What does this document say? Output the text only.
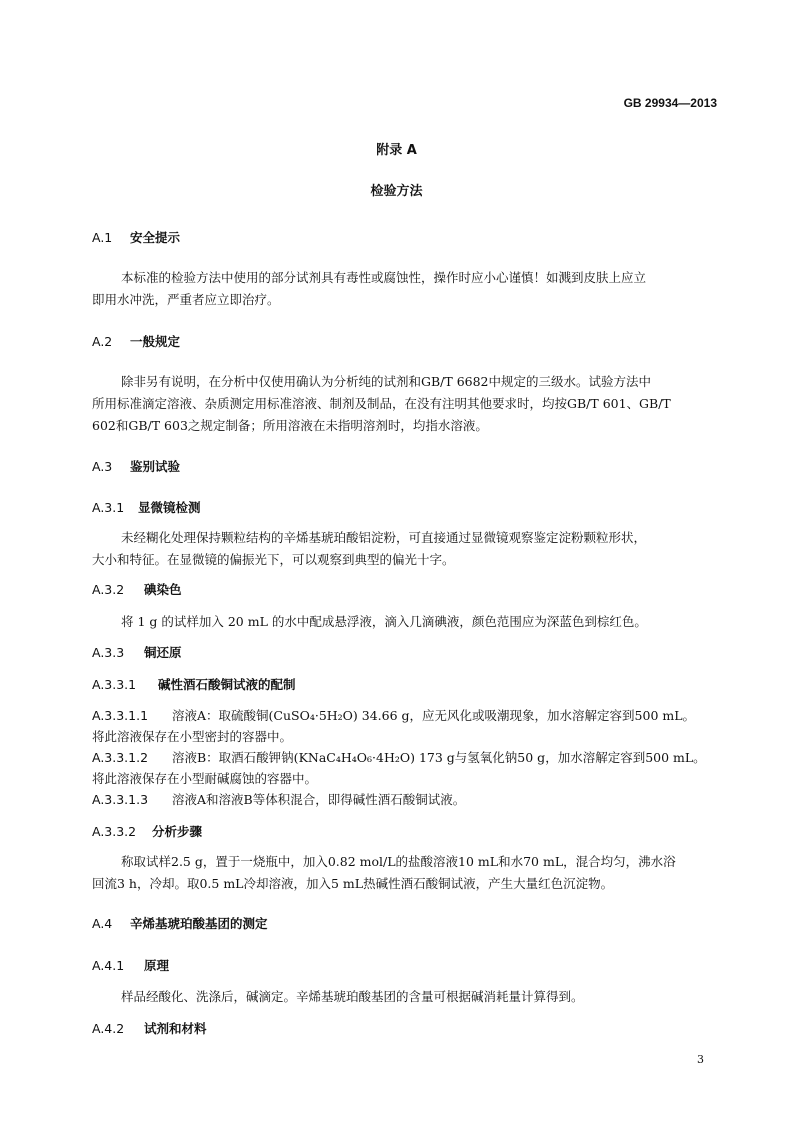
GB 29934—2013
附录 A
检验方法
A.1 安全提示
本标准的检验方法中使用的部分试剂具有毒性或腐蚀性，操作时应小心谨慎！如溅到皮肤上应立
即用水冲洗，严重者应立即治疗。
A.2 一般规定
除非另有说明，在分析中仅使用确认为分析纯的试剂和GB/T 6682中规定的三级水。试验方法中
所用标准滴定溶液、杂质测定用标准溶液、制剂及制品，在没有注明其他要求时，均按GB/T 601、GB/T
602和GB/T 603之规定制备；所用溶液在未指明溶剂时，均指水溶液。
A.3 鉴别试验
A.3.1 显微镜检测
未经糊化处理保持颗粒结构的辛烯基琥珀酸铝淀粉，可直接通过显微镜观察鉴定淀粉颗粒形状，
大小和特征。在显微镜的偏振光下，可以观察到典型的偏光十字。
A.3.2 碘染色
将 1 g 的试样加入 20 mL 的水中配成悬浮液，滴入几滴碘液，颜色范围应为深蓝色到棕红色。
A.3.3 铜还原
A.3.3.1 碱性酒石酸铜试液的配制
A.3.3.1.1 溶液A：取硫酸铜(CuSO₄·5H₂O) 34.66 g，应无风化或吸潮现象，加水溶解定容到500 mL。
将此溶液保存在小型密封的容器中。
A.3.3.1.2 溶液B：取酒石酸钾钠(KNaC₄H₄O₆·4H₂O) 173 g与氢氧化钠50 g，加水溶解定容到500 mL。
将此溶液保存在小型耐碱腐蚀的容器中。
A.3.3.1.3 溶液A和溶液B等体积混合，即得碱性酒石酸铜试液。
A.3.3.2 分析步骤
称取试样2.5 g，置于一烧瓶中，加入0.82 mol/L的盐酸溶液10 mL和水70 mL，混合均匀，沸水浴
回流3 h，冷却。取0.5 mL冷却溶液，加入5 mL热碱性酒石酸铜试液，产生大量红色沉淀物。
A.4 辛烯基琥珀酸基团的测定
A.4.1 原理
样品经酸化、洗涤后，碱滴定。辛烯基琥珀酸基团的含量可根据碱消耗量计算得到。
A.4.2 试剂和材料
3
